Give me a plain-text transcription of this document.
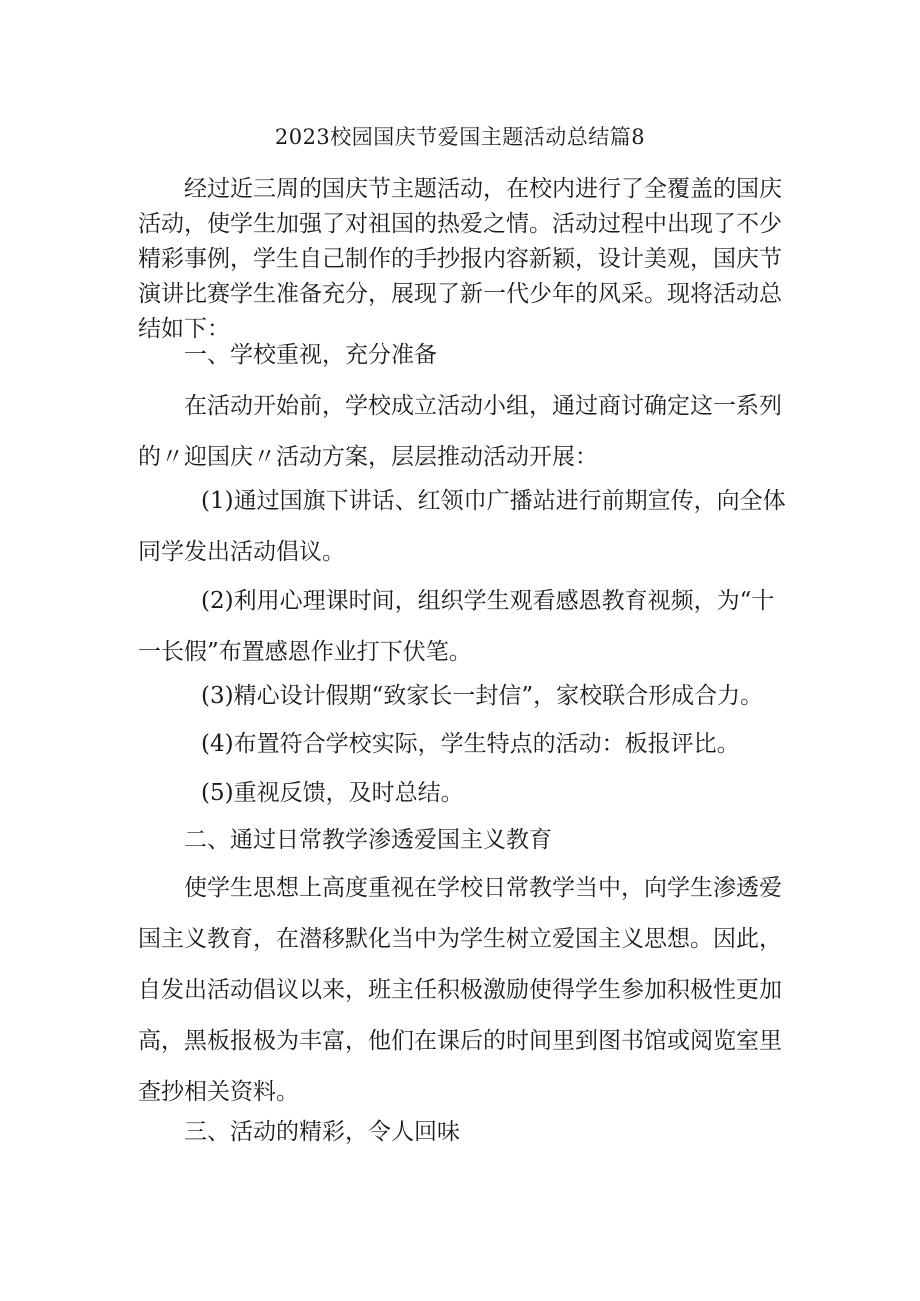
2023校园国庆节爱国主题活动总结篇8
经过近三周的国庆节主题活动，在校内进行了全覆盖的国庆
活动，使学生加强了对祖国的热爱之情。活动过程中出现了不少
精彩事例，学生自己制作的手抄报内容新颖，设计美观，国庆节
演讲比赛学生准备充分，展现了新一代少年的风采。现将活动总
结如下：
一、学校重视，充分准备
在活动开始前，学校成立活动小组，通过商讨确定这一系列
的〃迎国庆〃活动方案，层层推动活动开展：
(1)通过国旗下讲话、红领巾广播站进行前期宣传，向全体
同学发出活动倡议。
(2)利用心理课时间，组织学生观看感恩教育视频，为“十
一长假”布置感恩作业打下伏笔。
(3)精心设计假期“致家长一封信”，家校联合形成合力。
(4)布置符合学校实际，学生特点的活动：板报评比。
(5)重视反馈，及时总结。
二、通过日常教学渗透爱国主义教育
使学生思想上高度重视在学校日常教学当中，向学生渗透爱
国主义教育，在潜移默化当中为学生树立爱国主义思想。因此，
自发出活动倡议以来，班主任积极激励使得学生参加积极性更加
高，黑板报极为丰富，他们在课后的时间里到图书馆或阅览室里
查抄相关资料。
三、活动的精彩，令人回味
